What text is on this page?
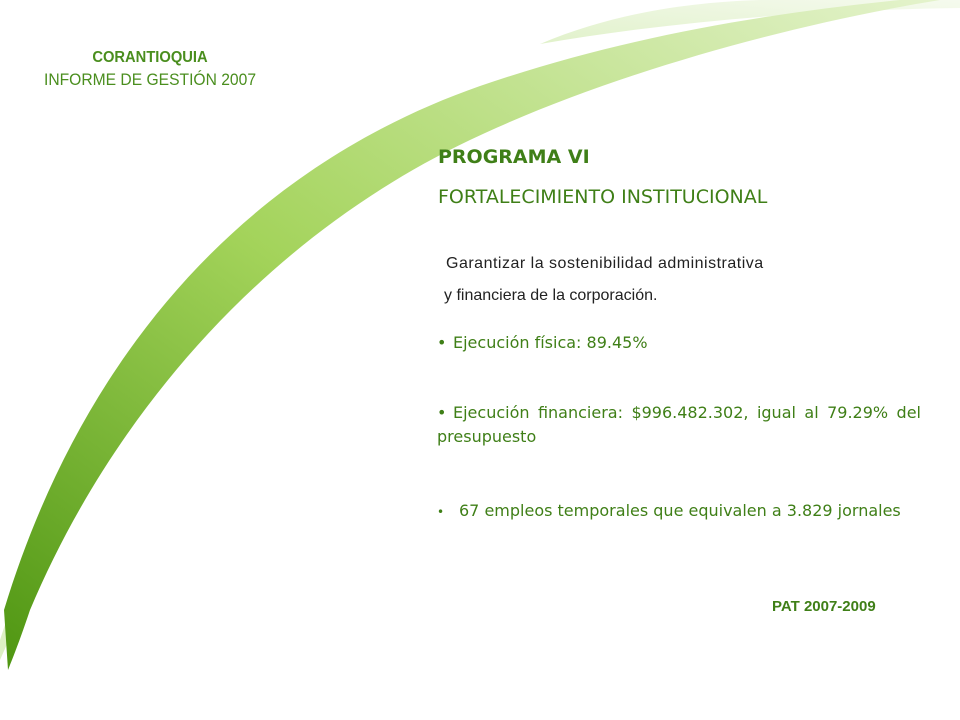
CORANTIOQUIA
INFORME DE GESTIÓN 2007
PROGRAMA VI
FORTALECIMIENTO INSTITUCIONAL
Garantizar la sostenibilidad administrativa
y financiera de la corporación.
• Ejecución física: 89.45%
• Ejecución financiera: $996.482.302, igual al 79.29% del presupuesto
• 67 empleos temporales que equivalen a 3.829 jornales
PAT 2007-2009
